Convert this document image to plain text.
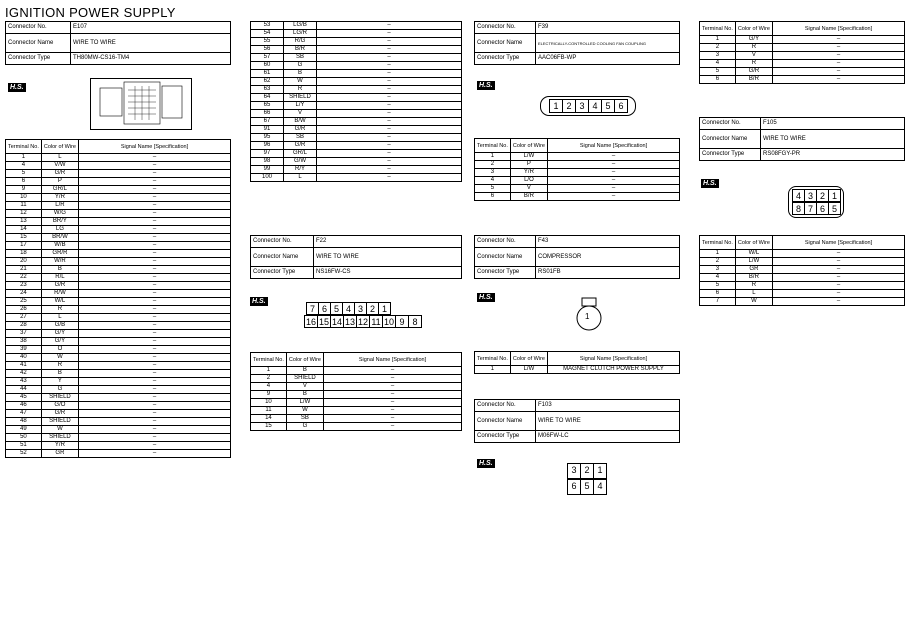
IGNITION POWER SUPPLY
Connector No.	E107
Connector Name	WIRE TO WIRE
Connector Type	TH80MW-CS16-TM4
H.S.
Terminal No.	Color of Wire	Signal Name [Specification]
1	L	–
4	V/W	–
5	G/R	–
6	P	–
9	GR/L	–
10	Y/R	–
11	L/R	–
12	W/G	–
13	BR/Y	–
14	LG	–
15	BR/W	–
17	W/B	–
18	GR/R	–
20	W/R	–
21	B	–
22	R/L	–
23	G/R	–
24	R/W	–
25	W/L	–
26	R	–
27	L	–
28	G/B	–
37	G/Y	–
38	G/Y	–
39	O	–
40	W	–
41	R	–
42	B	–
43	Y	–
44	G	–
45	SHIELD	–
46	G/O	–
47	G/R	–
48	SHIELD	–
49	W	–
50	SHIELD	–
51	Y/R	–
52	GR	–
53	LG/B	–
54	LG/R	–
55	R/G	–
56	B/R	–
57	SB	–
60	G	–
61	B	–
62	W	–
63	R	–
64	SHIELD	–
65	L/Y	–
66	V	–
67	B/W	–
91	G/R	–
95	SB	–
96	G/R	–
97	GR/L	–
98	G/W	–
99	R/Y	–
100	L	–
Connector No.	F22
Connector Name	WIRE TO WIRE
Connector Type	NS16FW-CS
H.S.
7 6 5 4 3 2 1
16 15 14 13 12 11 10 9 8
Terminal No.	Color of Wire	Signal Name [Specification]
1	B	–
2	SHIELD	–
4	V	–
9	B	–
10	L/W	–
11	W	–
14	SB	–
15	G	–
Connector No.	F39
Connector Name	ELECTRICALLY-CONTROLLED COOLING FAN COUPLING
Connector Type	AAC06FB-WP
H.S.
1 2 3 4 5 6
Terminal No.	Color of Wire	Signal Name [Specification]
1	L/W	–
2	P	–
3	Y/R	–
4	L/O	–
5	V	–
6	B/R	–
Connector No.	F43
Connector Name	COMPRESSOR
Connector Type	RS01FB
H.S.
1
Terminal No.	Color of Wire	Signal Name [Specification]
1	L/W	MAGNET CLUTCH POWER SUPPLY
Connector No.	F103
Connector Name	WIRE TO WIRE
Connector Type	M06FW-LC
H.S.
3 2 1
6 5 4
Terminal No.	Color of Wire	Signal Name [Specification]
1	G/Y	–
2	R	–
3	V	–
4	R	–
5	G/R	–
6	B/R	–
Connector No.	F105
Connector Name	WIRE TO WIRE
Connector Type	RS08FGY-PR
H.S.
4 3 2 1
8 7 6 5
Terminal No.	Color of Wire	Signal Name [Specification]
1	W/L	–
2	L/W	–
3	GR	–
4	B/R	–
5	R	–
6	L	–
7	W	–
